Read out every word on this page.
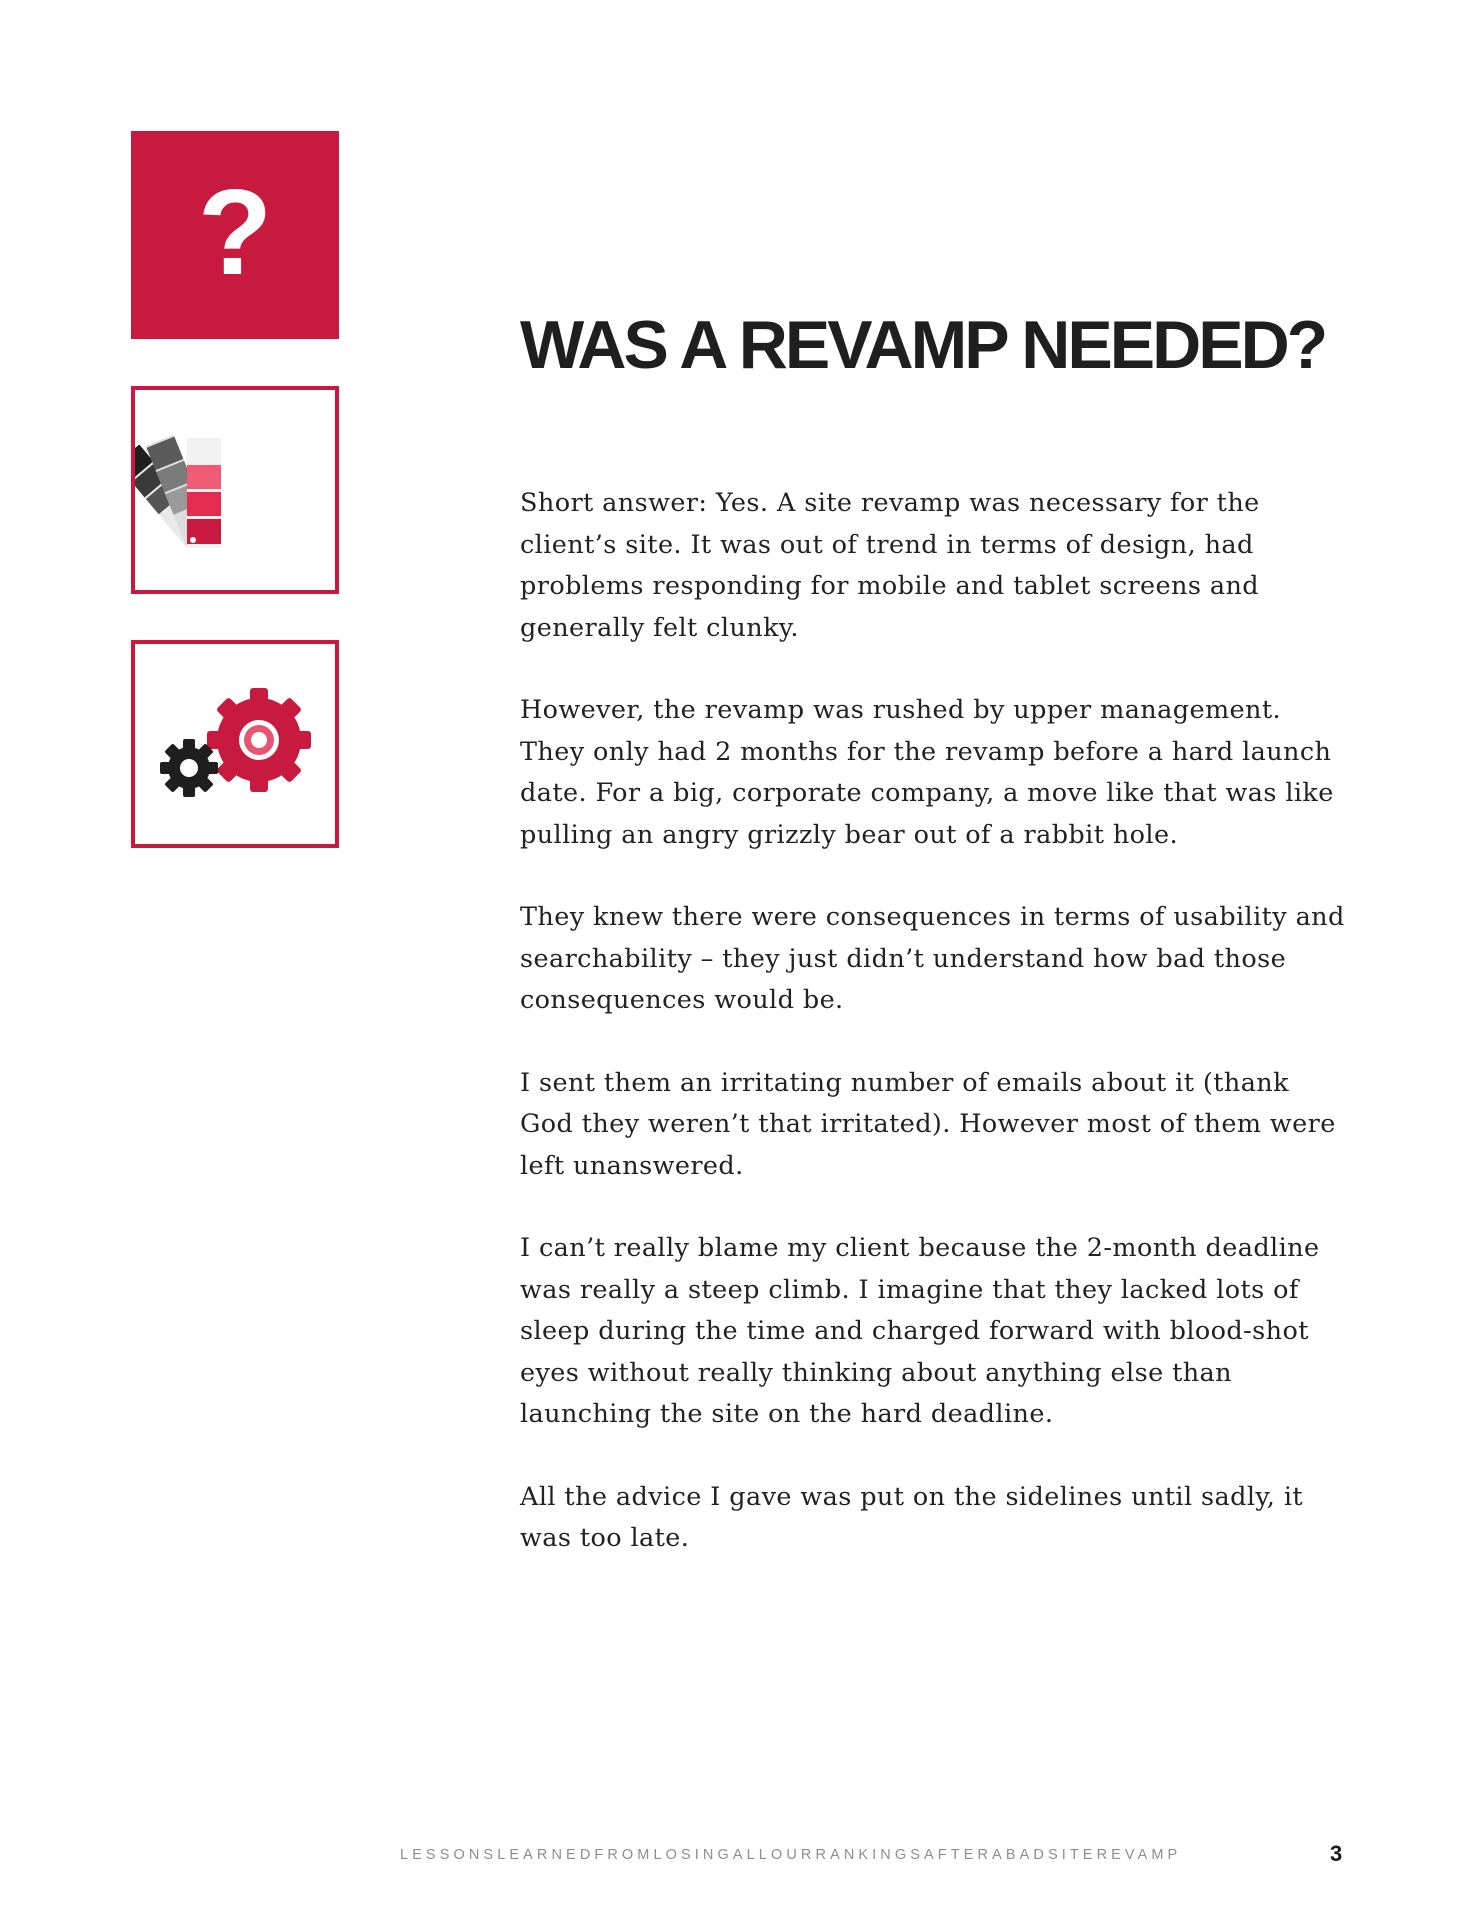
?
WAS A REVAMP NEEDED?

Short answer: Yes. A site revamp was necessary for the client’s site. It was out of trend in terms of design, had problems responding for mobile and tablet screens and generally felt clunky.

However, the revamp was rushed by upper management. They only had 2 months for the revamp before a hard launch date. For a big, corporate company, a move like that was like pulling an angry grizzly bear out of a rabbit hole.

They knew there were consequences in terms of usability and searchability – they just didn’t understand how bad those consequences would be.

I sent them an irritating number of emails about it (thank God they weren’t that irritated). However most of them were left unanswered.

I can’t really blame my client because the 2-month deadline was really a steep climb. I imagine that they lacked lots of sleep during the time and charged forward with blood-shot eyes without really thinking about anything else than launching the site on the hard deadline.

All the advice I gave was put on the sidelines until sadly, it was too late.

LESSONSLEARNEDFROMLOSINGALLOURRANKINGSAFTERABADSITEREVAMP	3
